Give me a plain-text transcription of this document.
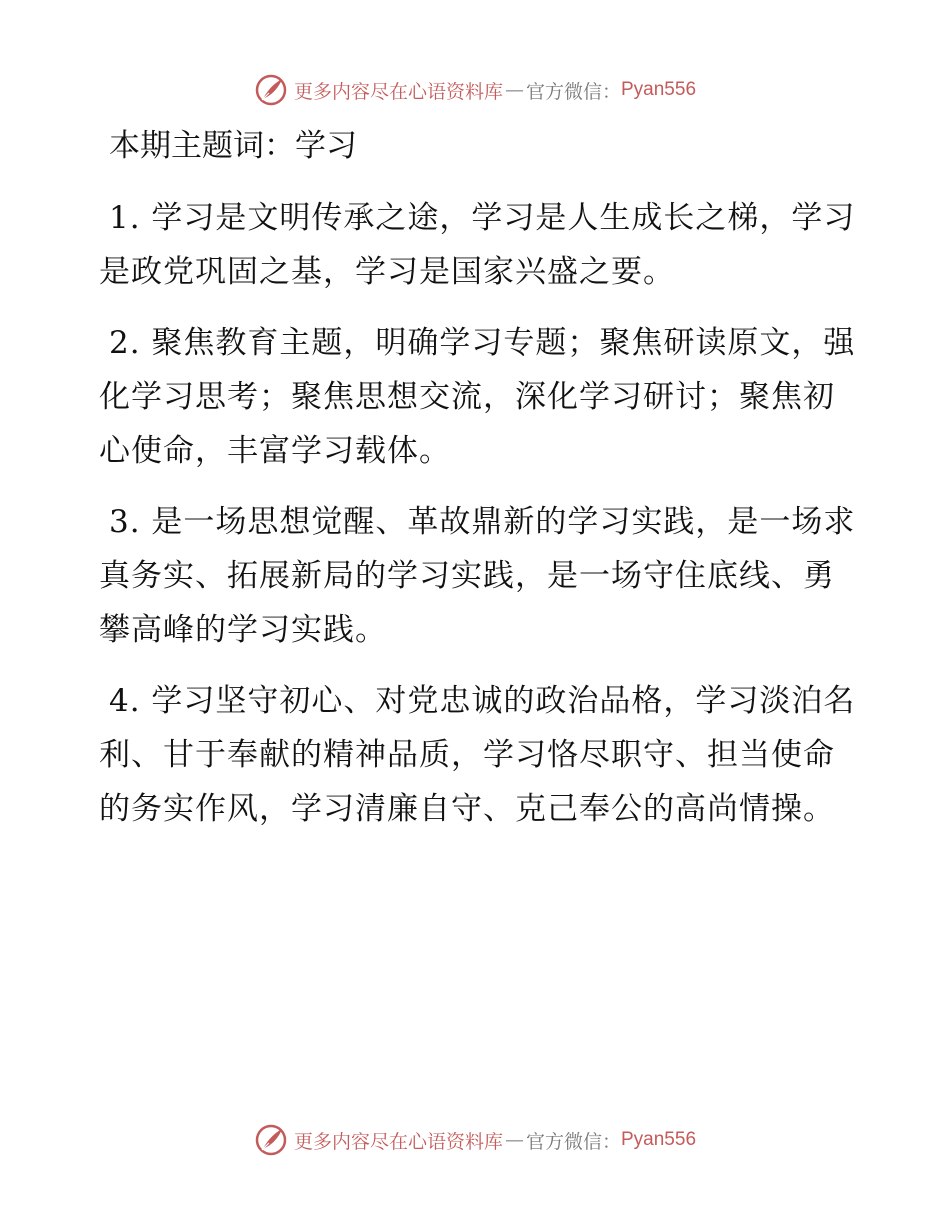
更多内容尽在心语资料库 — 官方微信： Pyan556
本期主题词：学习

1. 学习是文明传承之途，学习是人生成长之梯，学习是政党巩固之基，学习是国家兴盛之要。

2. 聚焦教育主题，明确学习专题；聚焦研读原文，强化学习思考；聚焦思想交流，深化学习研讨；聚焦初心使命，丰富学习载体。

3. 是一场思想觉醒、革故鼎新的学习实践，是一场求真务实、拓展新局的学习实践，是一场守住底线、勇攀高峰的学习实践。

4. 学习坚守初心、对党忠诚的政治品格，学习淡泊名利、甘于奉献的精神品质，学习恪尽职守、担当使命的务实作风，学习清廉自守、克己奉公的高尚情操。

更多内容尽在心语资料库 — 官方微信： Pyan556
